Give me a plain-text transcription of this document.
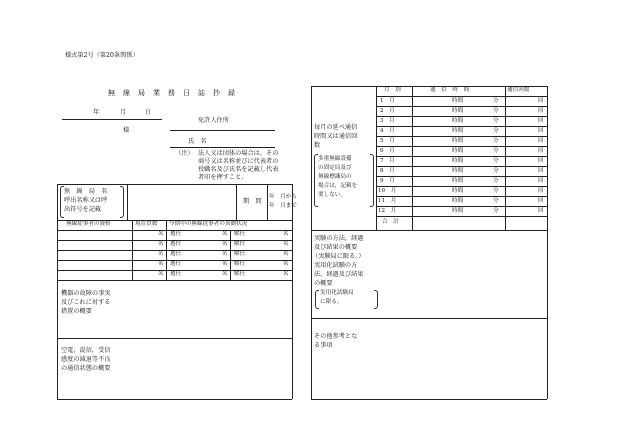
様式第2号（第20条関係）
無　線　局　業　務　日　誌　抄　録
年	月	日
免許人住所
様
氏　名
（注） 法人又は団体の場合は，その
商号又は名称並びに代表者の
役職名及び氏名を記載し代表
者印を押すこと。
無　線　局　名
呼出名称又は呼
出符号を記載
期　間
年　月から
年　月まで
無線従事者の資格	現在員数 今期中の無線従事者の異動状況
名 選任	名 解任	名
名 選任	名 解任	名
名 選任	名 解任	名
名 選任	名 解任	名
名 選任	名 解任	名
機器の故障の事実
及びこれに対する
措置の概要
空電，混信，受信
感度の減退等不良
の通信状態の概要
月　別	通　信　時　間	通信回数
毎月の延べ通信
時間又は通信回
数
多重無線設備
の固定局及び
無線標識局の
場合は，記載を
要しない。
1　月	時間	分	回
2　月	時間	分	回
3　月	時間	分	回
4　月	時間	分	回
5　月	時間	分	回
6　月	時間	分	回
7　月	時間	分	回
8　月	時間	分	回
9　月	時間	分	回
10　月	時間	分	回
11　月	時間	分	回
12　月	時間	分	回
合　計
実験の方法，経過
及び結果の概要
（実験局に限る。）
実用化試験の方
法，経過及び結果
の概要
実用化試験局
に限る。
その他参考とな
る事項
